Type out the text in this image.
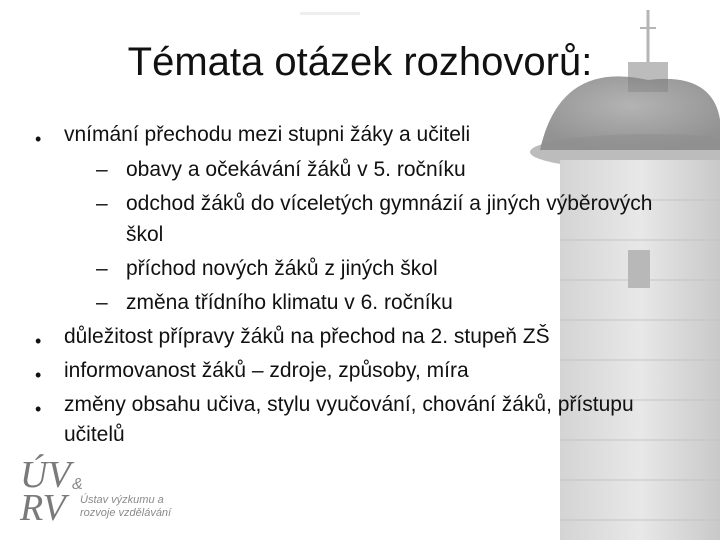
Témata otázek rozhovorů:
• vnímání přechodu mezi stupni žáky a učiteli
– obavy a očekávání žáků v 5. ročníku
– odchod žáků do víceletých gymnázií a jiných výběrových
škol
– příchod nových žáků z jiných škol
– změna třídního klimatu v 6. ročníku
• důležitost přípravy žáků na přechod na 2. stupeň ZŠ
• informovanost žáků – zdroje, způsoby, míra
• změny obsahu učiva, stylu vyučování, chování žáků, přístupu
učitelů
ÚV &
RV Ústav výzkumu a
rozvoje vzdělávání
